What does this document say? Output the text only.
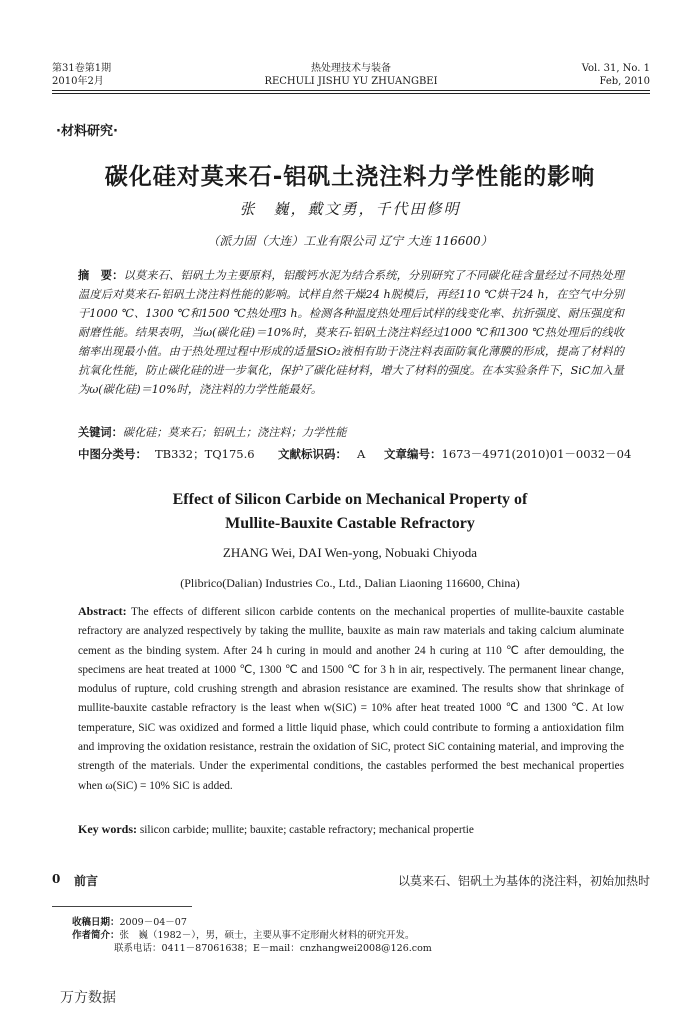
第31卷第1期
2010年2月
热处理技术与装备
RECHULI JISHU YU ZHUANGBEI
Vol. 31, No. 1
Feb, 2010
·材料研究·
碳化硅对莫来石-铝矾土浇注料力学性能的影响
张　巍，戴文勇，千代田修明
（派力固（大连）工业有限公司 辽宁 大连 116600）
摘　要：以莫来石、铝矾土为主要原料，铝酸钙水泥为结合系统，分别研究了不同碳化硅含量经过不同热处理温度后对莫来石-铝矾土浇注料性能的影响。试样自然干燥24 h脱模后，再经110 ℃烘干24 h，在空气中分别于1000 ℃、1300 ℃和1500 ℃热处理3 h。检测各种温度热处理后试样的线变化率、抗折强度、耐压强度和耐磨性能。结果表明，当ω(碳化硅)＝10%时，莫来石-铝矾土浇注料经过1000 ℃和1300 ℃热处理后的线收缩率出现最小值。由于热处理过程中形成的适量SiO₂液相有助于浇注料表面防氧化薄膜的形成，提高了材料的抗氧化性能，防止碳化硅的进一步氧化，保护了碳化硅材料，增大了材料的强度。在本实验条件下，SiC加入量为ω(碳化硅)＝10%时，浇注料的力学性能最好。
关键词：碳化硅；莫来石；铝矾土；浇注料；力学性能
中图分类号： TB332；TQ175.6 文献标识码： A 文章编号：1673－4971(2010)01－0032－04
Effect of Silicon Carbide on Mechanical Property of
Mullite-Bauxite Castable Refractory
ZHANG Wei, DAI Wen-yong, Nobuaki Chiyoda
(Plibrico(Dalian) Industries Co., Ltd., Dalian Liaoning 116600, China)
Abstract: The effects of different silicon carbide contents on the mechanical properties of mullite-bauxite castable refractory are analyzed respectively by taking the mullite, bauxite as main raw materials and taking calcium aluminate cement as the binding system. After 24 h curing in mould and another 24 h curing at 110 ℃ after demoulding, the specimens are heat treated at 1000 ℃, 1300 ℃ and 1500 ℃ for 3 h in air, respectively. The permanent linear change, modulus of rupture, cold crushing strength and abrasion resistance are examined. The results show that shrinkage of mullite-bauxite castable refractory is the least when w(SiC) = 10% after heat treated 1000 ℃ and 1300 ℃. At low temperature, SiC was oxidized and formed a little liquid phase, which could contribute to forming a antioxidation film and improving the oxidation resistance, restrain the oxidation of SiC, protect SiC containing material, and improving the strength of the materials. Under the experimental conditions, the castables performed the best mechanical properties when ω(SiC) = 10% SiC is added.
Key words: silicon carbide; mullite; bauxite; castable refractory; mechanical propertie
0 前言	以莫来石、铝矾土为基体的浇注料，初始加热时
收稿日期：2009－04－07
作者简介：张　巍（1982－），男，硕士，主要从事不定形耐火材料的研究开发。
联系电话：0411－87061638；E－mail：cnzhangwei2008@126.com
万方数据
